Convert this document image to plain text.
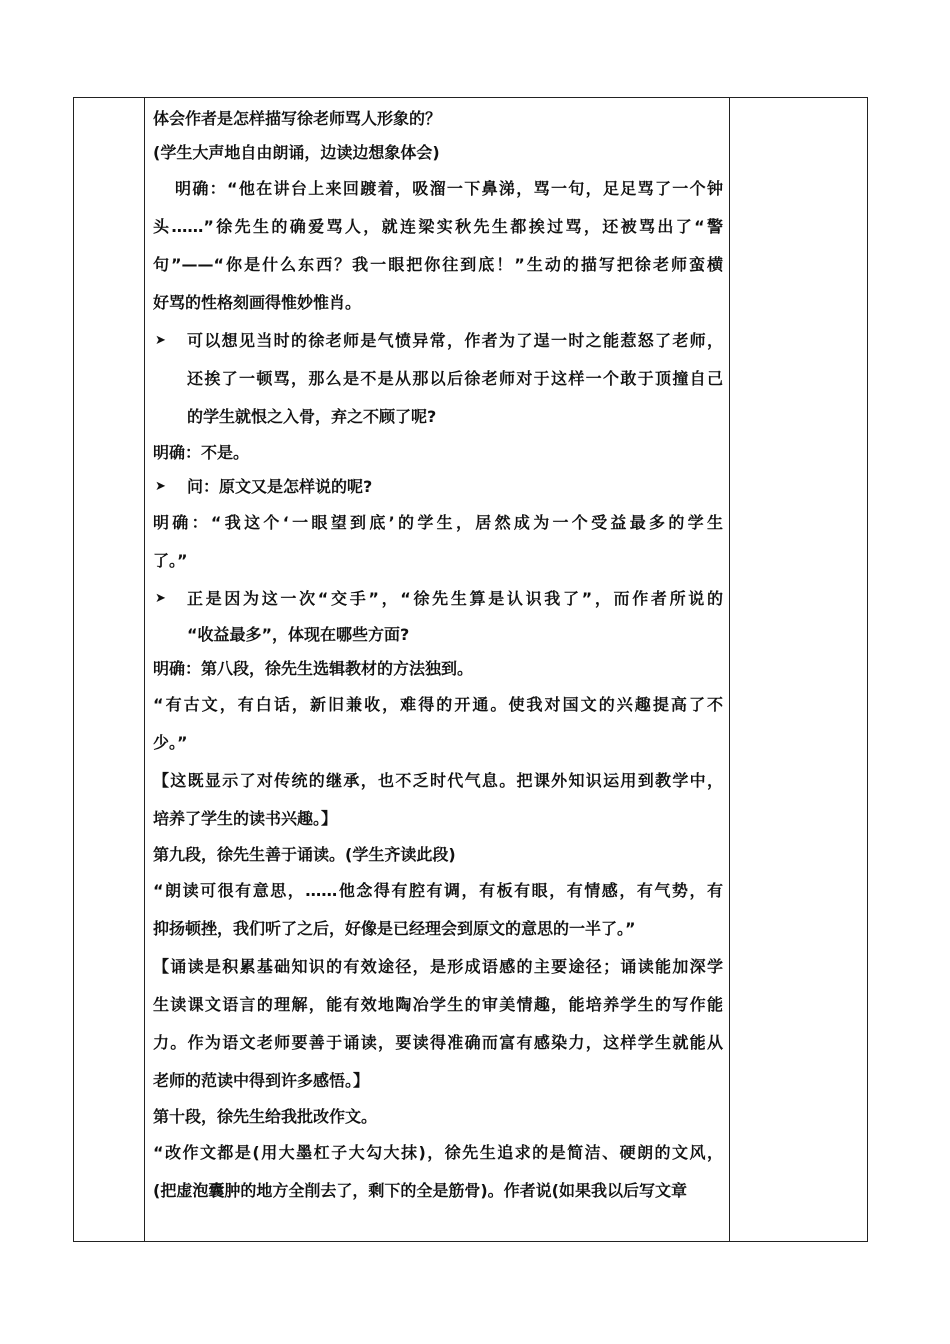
体会作者是怎样描写徐老师骂人形象的？

(学生大声地自由朗诵，边读边想象体会)

明确：“他在讲台上来回踱着，吸溜一下鼻涕，骂一句，足足骂了一个钟

头……”徐先生的确爱骂人，就连梁实秋先生都挨过骂，还被骂出了“警

句”——“你是什么东西？我一眼把你往到底！”生动的描写把徐老师蛮横

好骂的性格刻画得惟妙惟肖。

➤ 可以想见当时的徐老师是气愤异常，作者为了逞一时之能惹怒了老师，

还挨了一顿骂，那么是不是从那以后徐老师对于这样一个敢于顶撞自己

的学生就恨之入骨，弃之不顾了呢?

明确：不是。

➤ 问：原文又是怎样说的呢?

明确：“我这个‘一眼望到底’的学生，居然成为一个受益最多的学生

了。”

➤ 正是因为这一次“交手”，“徐先生算是认识我了”，而作者所说的

“收益最多”，体现在哪些方面?

明确：第八段，徐先生选辑教材的方法独到。

“有古文，有白话，新旧兼收，难得的开通。使我对国文的兴趣提高了不

少。”

【这既显示了对传统的继承，也不乏时代气息。把课外知识运用到教学中，

培养了学生的读书兴趣。】

第九段，徐先生善于诵读。(学生齐读此段)

“朗读可很有意思，……他念得有腔有调，有板有眼，有情感，有气势，有

抑扬顿挫，我们听了之后，好像是已经理会到原文的意思的一半了。”

【诵读是积累基础知识的有效途径，是形成语感的主要途径；诵读能加深学

生读课文语言的理解，能有效地陶冶学生的审美情趣，能培养学生的写作能

力。作为语文老师要善于诵读，要读得准确而富有感染力，这样学生就能从

老师的范读中得到许多感悟。】

第十段，徐先生给我批改作文。

“改作文都是(用大墨杠子大勾大抹)，徐先生追求的是简洁、硬朗的文风，

(把虚泡囊肿的地方全削去了，剩下的全是筋骨)。作者说(如果我以后写文章
